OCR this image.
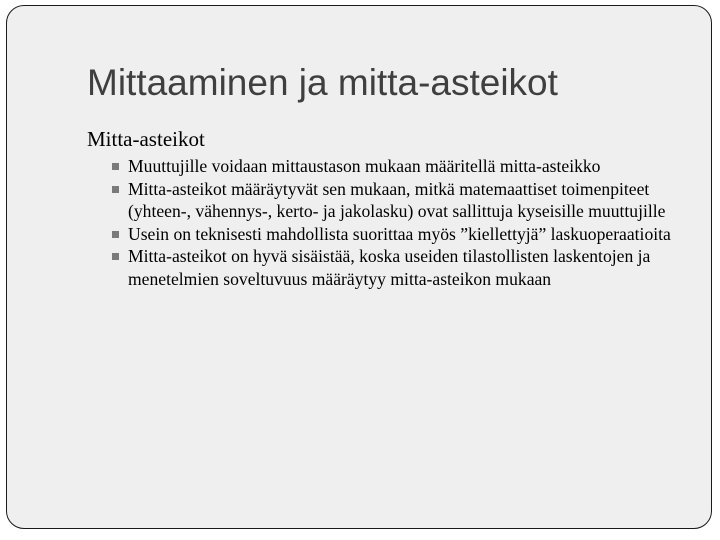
Mittaaminen ja mitta-asteikot
Mitta-asteikot
Muuttujille voidaan mittaustason mukaan määritellä mitta-asteikko
Mitta-asteikot määräytyvät sen mukaan, mitkä matemaattiset toimenpiteet (yhteen-, vähennys-, kerto- ja jakolasku) ovat sallittuja kyseisille muuttujille
Usein on teknisesti mahdollista suorittaa myös ”kiellettyjä” laskuoperaatioita
Mitta-asteikot on hyvä sisäistää, koska useiden tilastollisten laskentojen ja menetelmien soveltuvuus määräytyy mitta-asteikon mukaan
